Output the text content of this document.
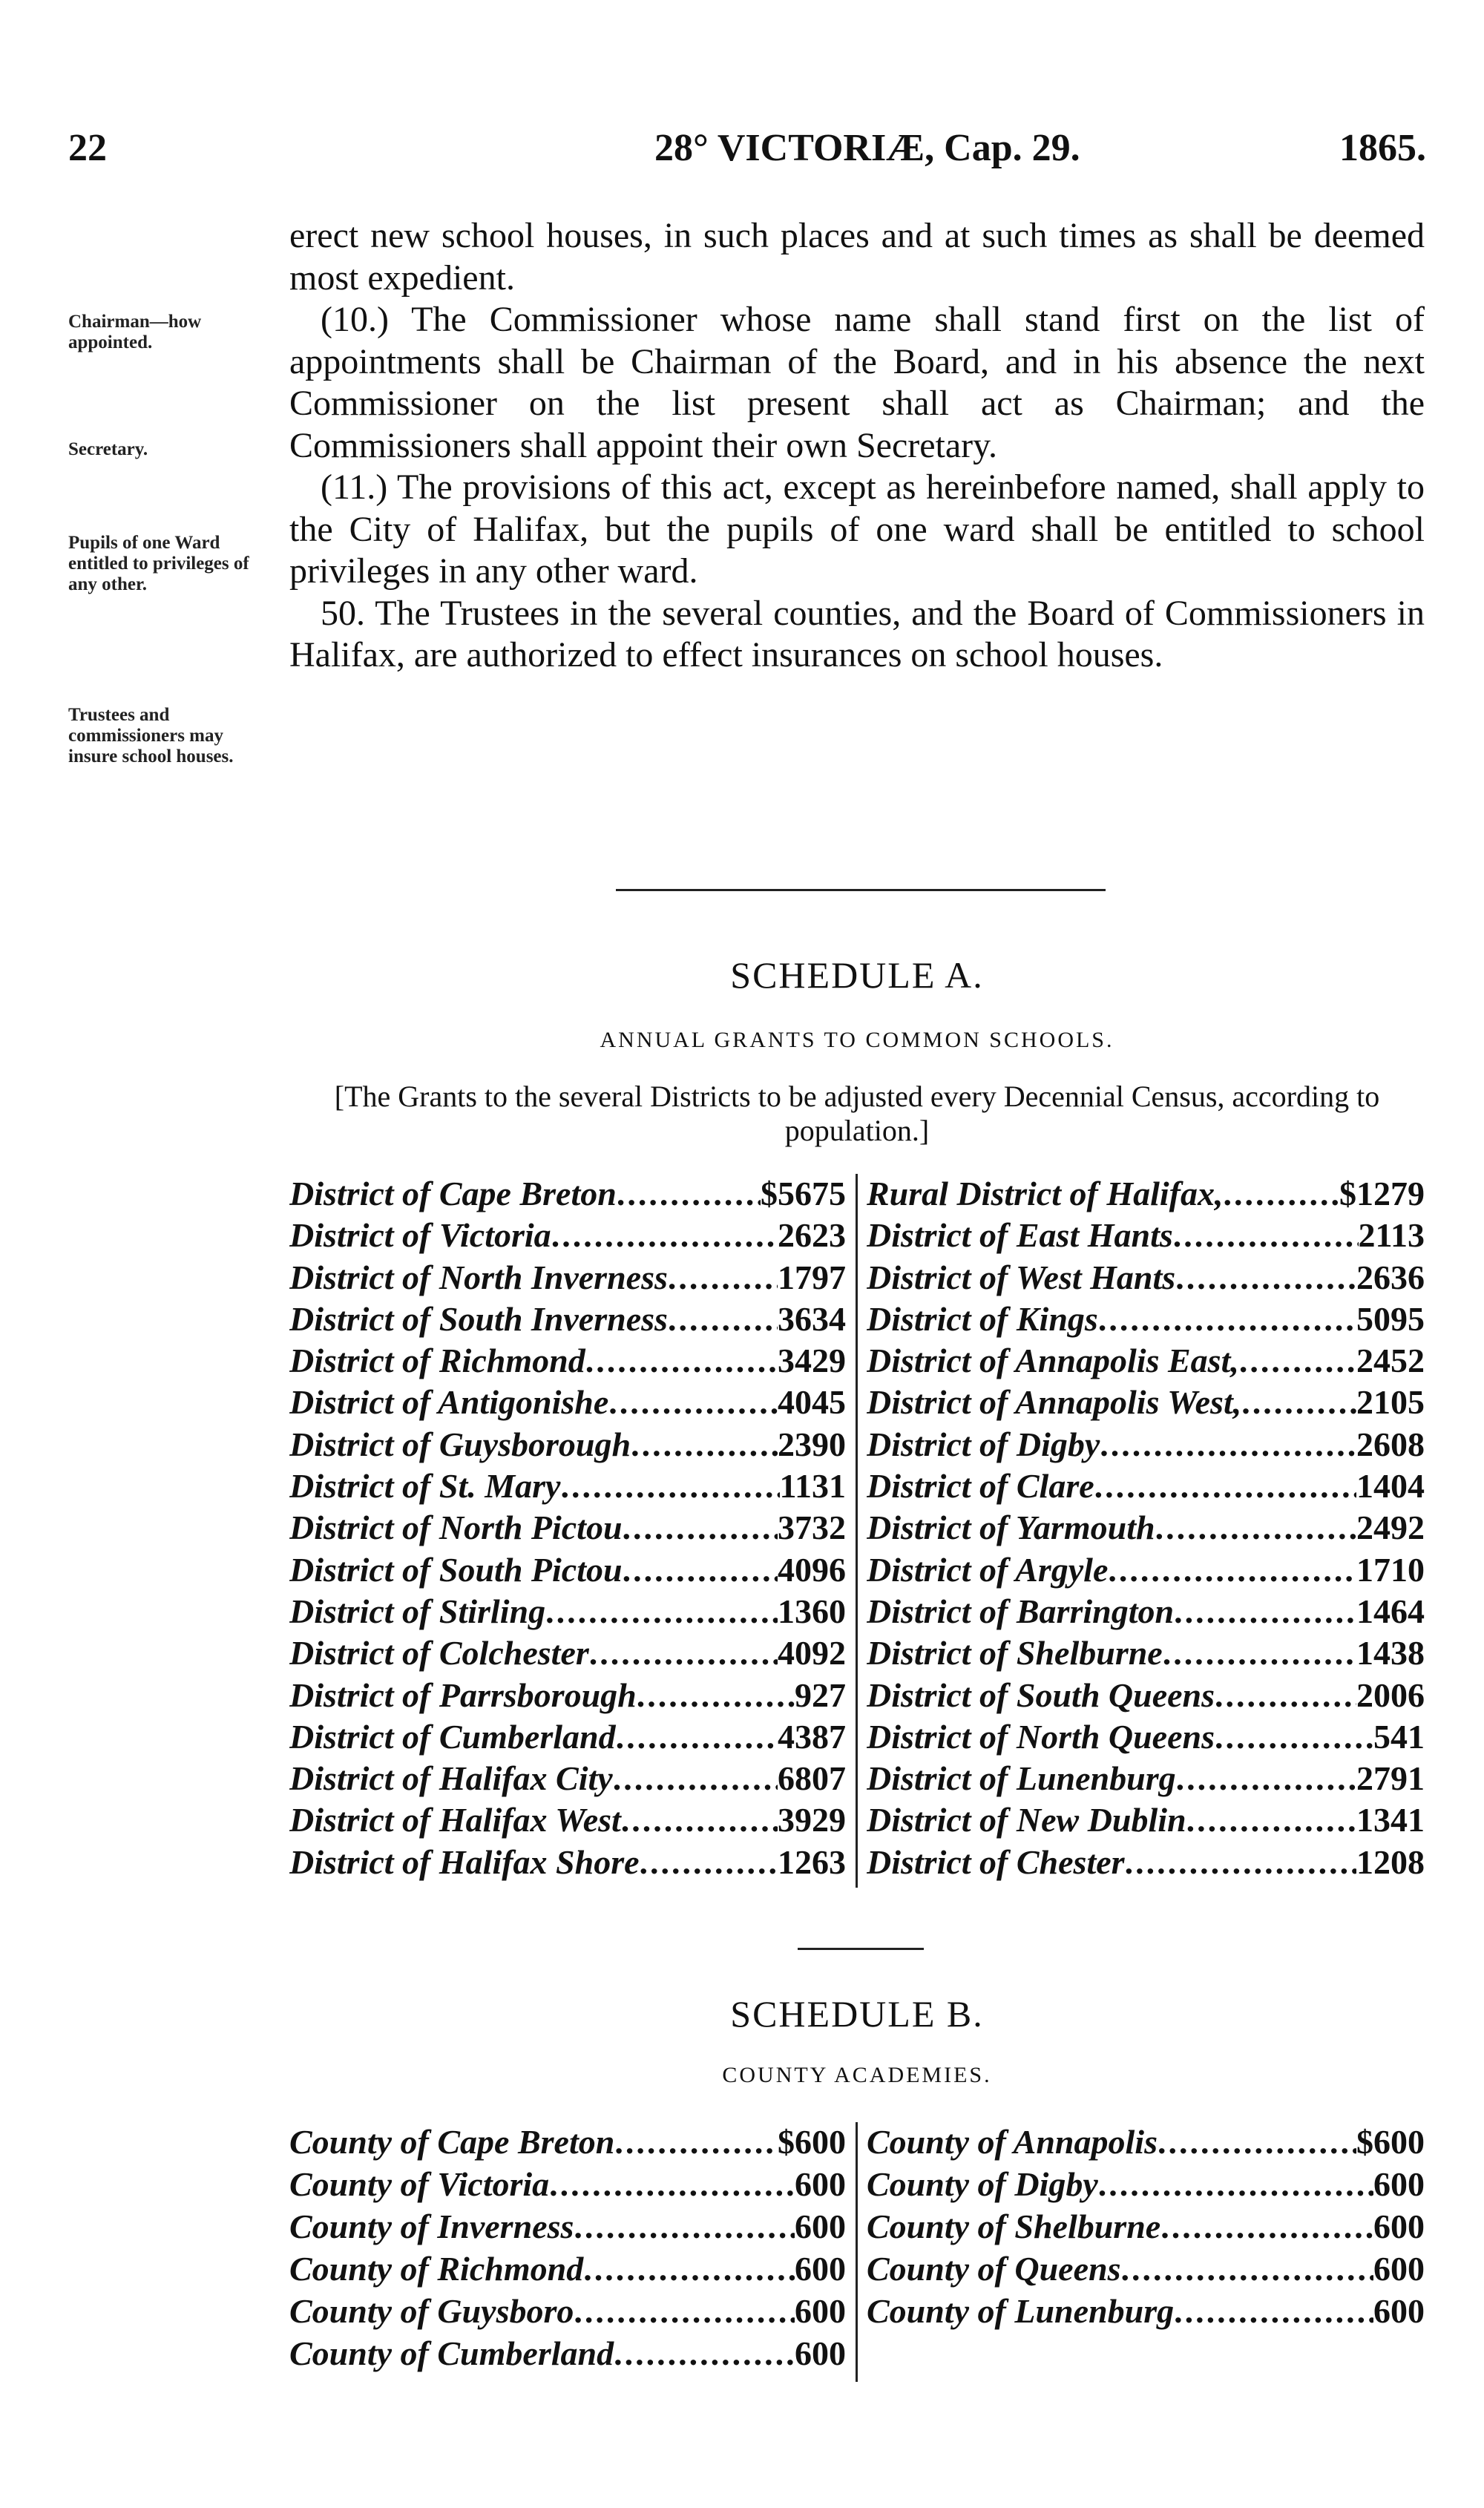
22	28° VICTORIÆ, Cap. 29.	1865.
Chairman—how appointed.
Secretary.
Pupils of one Ward entitled to privileges of any other.
Trustees and commissioners may insure school houses.

erect new school houses, in such places and at such times as shall be deemed most expedient.

(10.) The Commissioner whose name shall stand first on the list of appointments shall be Chairman of the Board, and in his absence the next Commissioner on the list present shall act as Chairman; and the Commissioners shall appoint their own Secretary.

(11.) The provisions of this act, except as hereinbefore named, shall apply to the City of Halifax, but the pupils of one ward shall be entitled to school privileges in any other ward.

50. The Trustees in the several counties, and the Board of Commissioners in Halifax, are authorized to effect insurances on school houses.

SCHEDULE A.
ANNUAL GRANTS TO COMMON SCHOOLS.
[The Grants to the several Districts to be adjusted every Decennial Census, according to population.]
District of Cape Breton .....	$5675
District of Victoria .....	2623
District of North Inverness .....	1797
District of South Inverness .....	3634
District of Richmond .....	3429
District of Antigonishe .....	4045
District of Guysborough .....	2390
District of St. Mary .....	1131
District of North Pictou .....	3732
District of South Pictou .....	4096
District of Stirling .....	1360
District of Colchester .....	4092
District of Parrsborough .....	927
District of Cumberland .....	4387
District of Halifax City .....	6807
District of Halifax West .....	3929
District of Halifax Shore .....	1263
Rural District of Halifax, .....	$1279
District of East Hants .....	2113
District of West Hants .....	2636
District of Kings .....	5095
District of Annapolis East, .....	2452
District of Annapolis West, .....	2105
District of Digby .....	2608
District of Clare .....	1404
District of Yarmouth .....	2492
District of Argyle .....	1710
District of Barrington .....	1464
District of Shelburne .....	1438
District of South Queens .....	2006
District of North Queens .....	541
District of Lunenburg .....	2791
District of New Dublin .....	1341
District of Chester .....	1208
SCHEDULE B.
COUNTY ACADEMIES.
County of Cape Breton .....	$600
County of Victoria .....	600
County of Inverness .....	600
County of Richmond .....	600
County of Guysboro .....	600
County of Cumberland .....	600
County of Annapolis .....	$600
County of Digby .....	600
County of Shelburne .....	600
County of Queens .....	600
County of Lunenburg .....	600
